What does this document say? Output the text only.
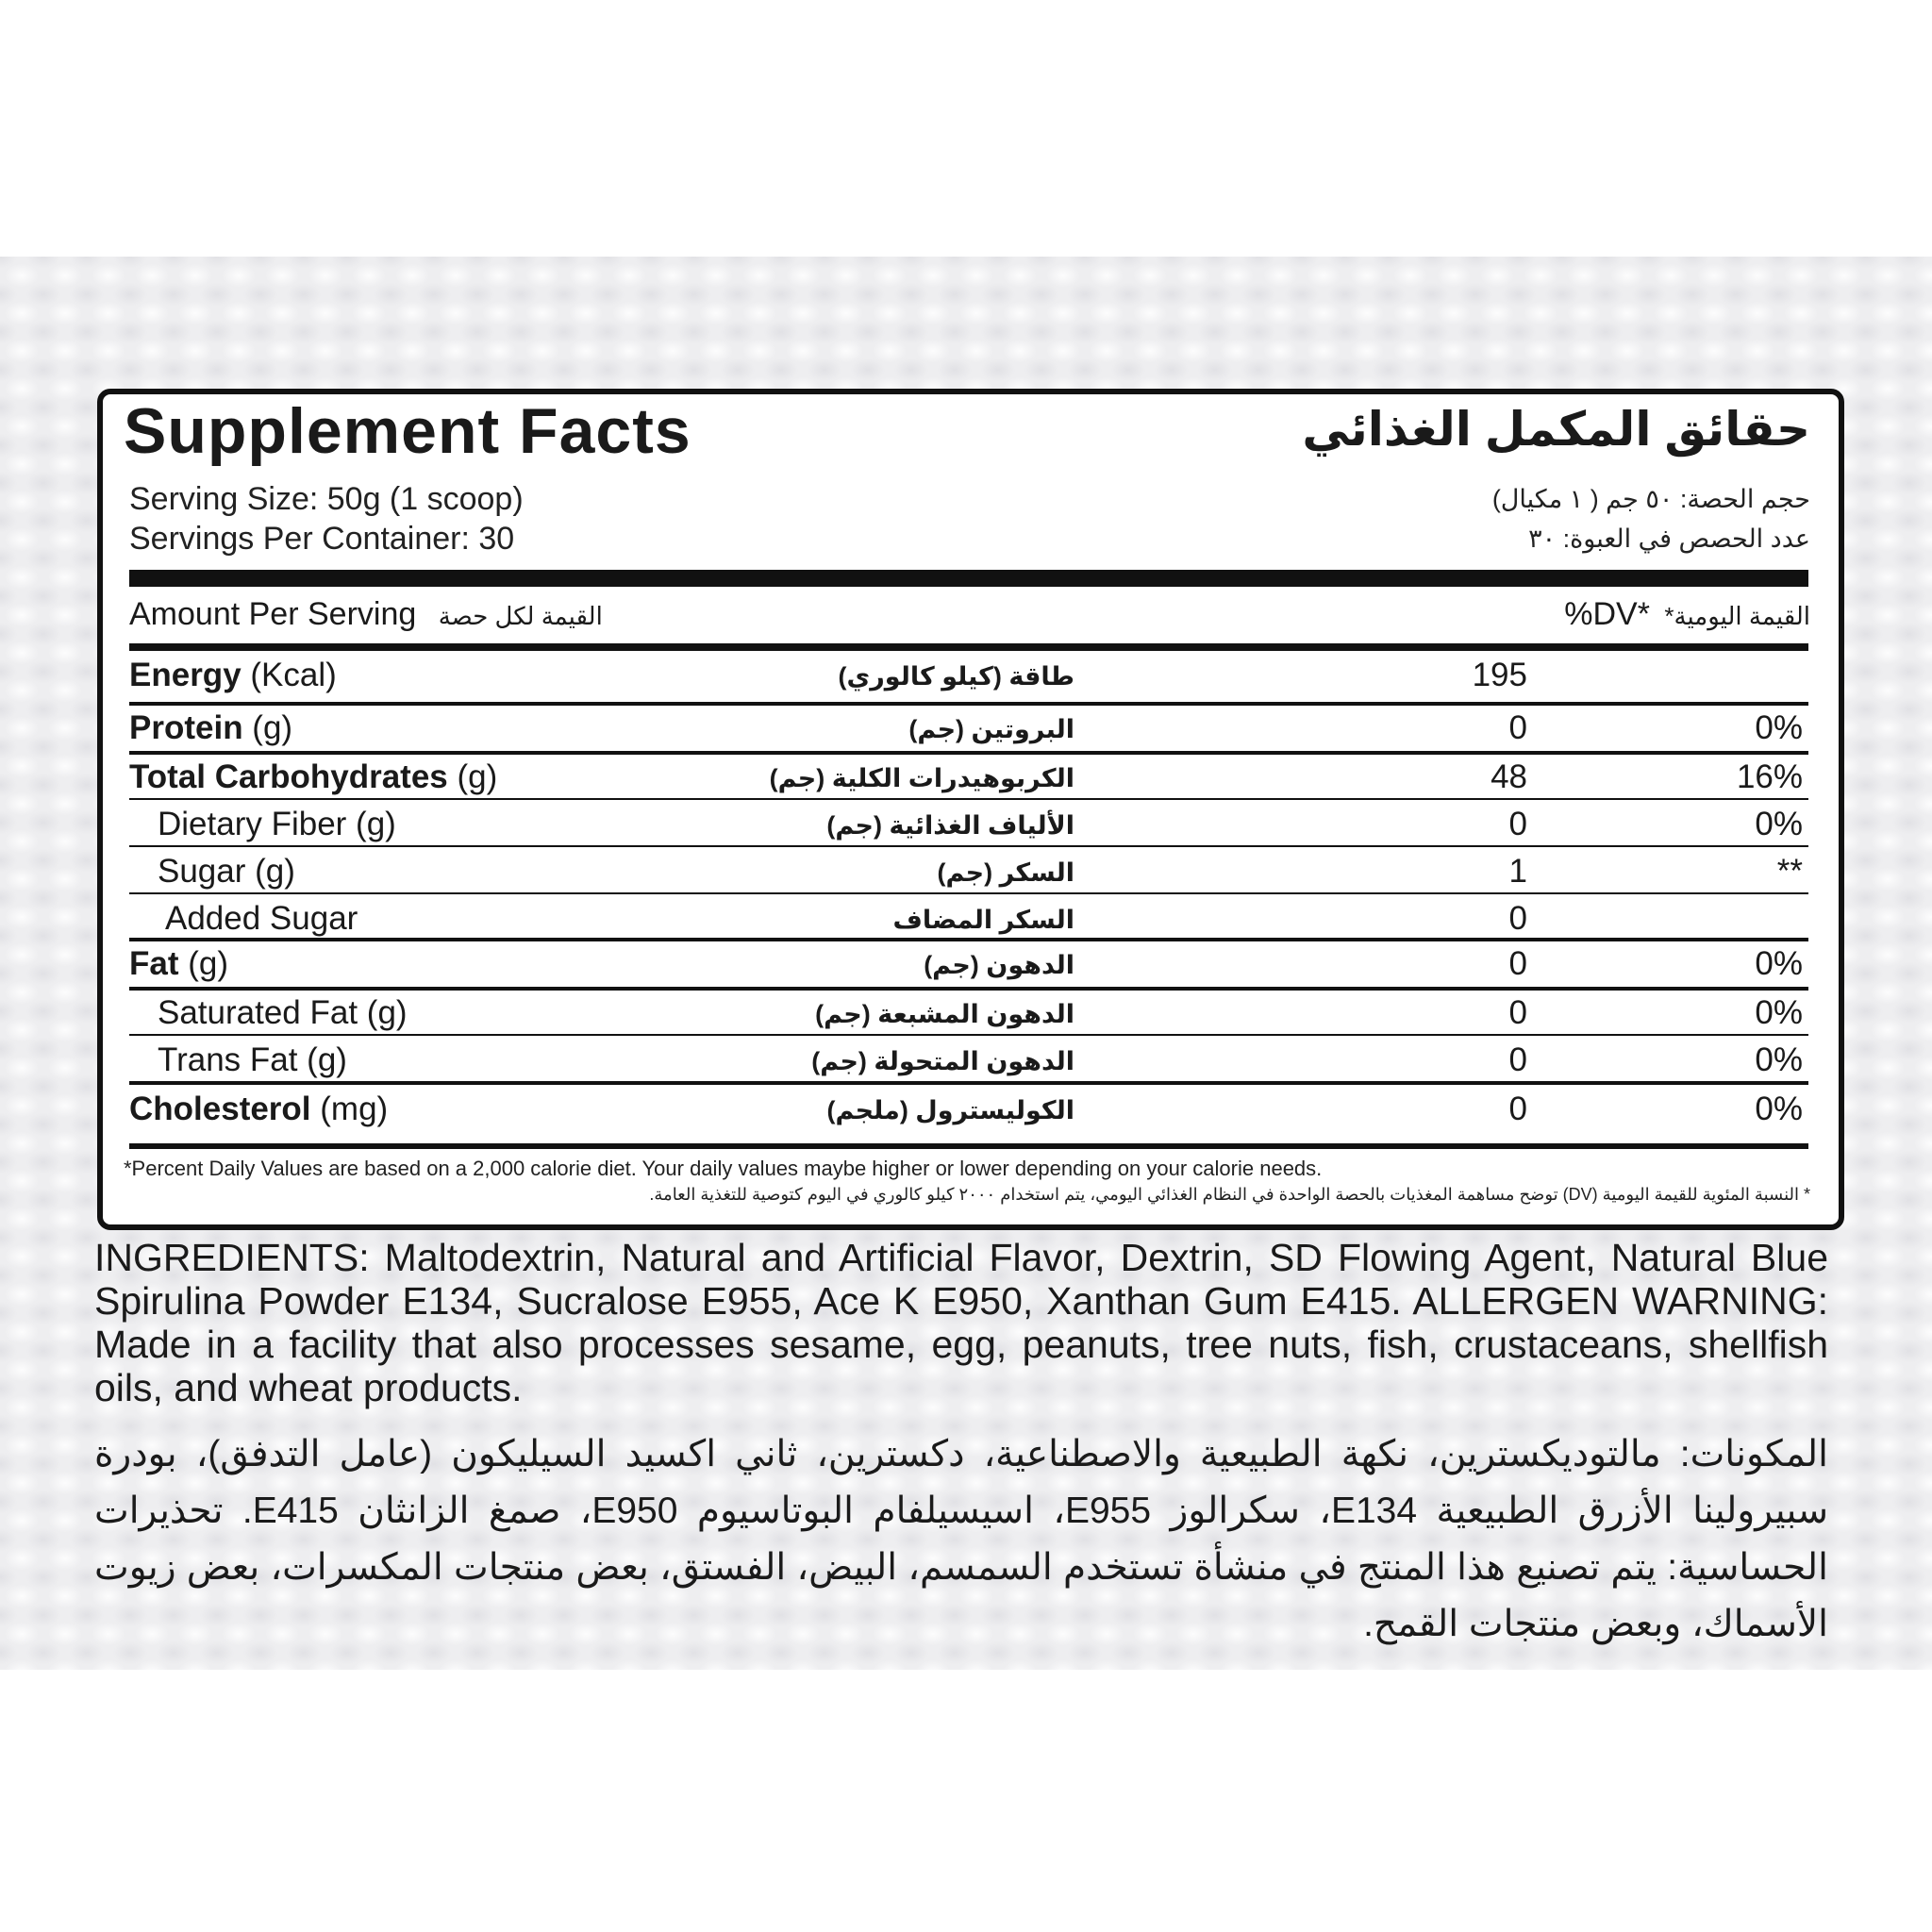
Supplement Facts	حقائق المكمل الغذائي
Serving Size: 50g (1 scoop)
Servings Per Container: 30
حجم الحصة: ٥٠ جم ( ١ مكيال)
عدد الحصص في العبوة: ٣٠
Amount Per Serving القيمة لكل حصة	%DV* القيمة اليومية*
Energy (Kcal)	طاقة (كيلو كالوري)	195
Protein (g)	البروتين (جم)	0	0%
Total Carbohydrates (g)	الكربوهيدرات الكلية (جم)	48	16%
Dietary Fiber (g)	الألياف الغذائية (جم)	0	0%
Sugar (g)	السكر (جم)	1	**
Added Sugar	السكر المضاف	0
Fat (g)	الدهون (جم)	0	0%
Saturated Fat (g)	الدهون المشبعة (جم)	0	0%
Trans Fat (g)	الدهون المتحولة (جم)	0	0%
Cholesterol (mg)	الكوليسترول (ملجم)	0	0%
*Percent Daily Values are based on a 2,000 calorie diet. Your daily values maybe higher or lower depending on your calorie needs.
* النسبة المئوية للقيمة اليومية (DV) توضح مساهمة المغذيات بالحصة الواحدة في النظام الغذائي اليومي، يتم استخدام ٢٠٠٠ كيلو كالوري في اليوم كتوصية للتغذية العامة.
INGREDIENTS: Maltodextrin, Natural and Artificial Flavor, Dextrin, SD Flowing Agent, Natural Blue Spirulina Powder E134, Sucralose E955, Ace K E950, Xanthan Gum E415. ALLERGEN WARNING: Made in a facility that also processes sesame, egg, peanuts, tree nuts, fish, crustaceans, shellfish oils, and wheat products.
المكونات: مالتوديكسترين، نكهة الطبيعية والاصطناعية، دكسترين، ثاني اكسيد السيليكون (عامل التدفق)، بودرة سبيرولينا الأزرق الطبيعية E134، سكرالوز E955، اسيسيلفام البوتاسيوم E950، صمغ الزانثان E415. تحذيرات الحساسية: يتم تصنيع هذا المنتج في منشأة تستخدم السمسم، البيض، الفستق، بعض منتجات المكسرات، بعض زيوت الأسماك، وبعض منتجات القمح.
